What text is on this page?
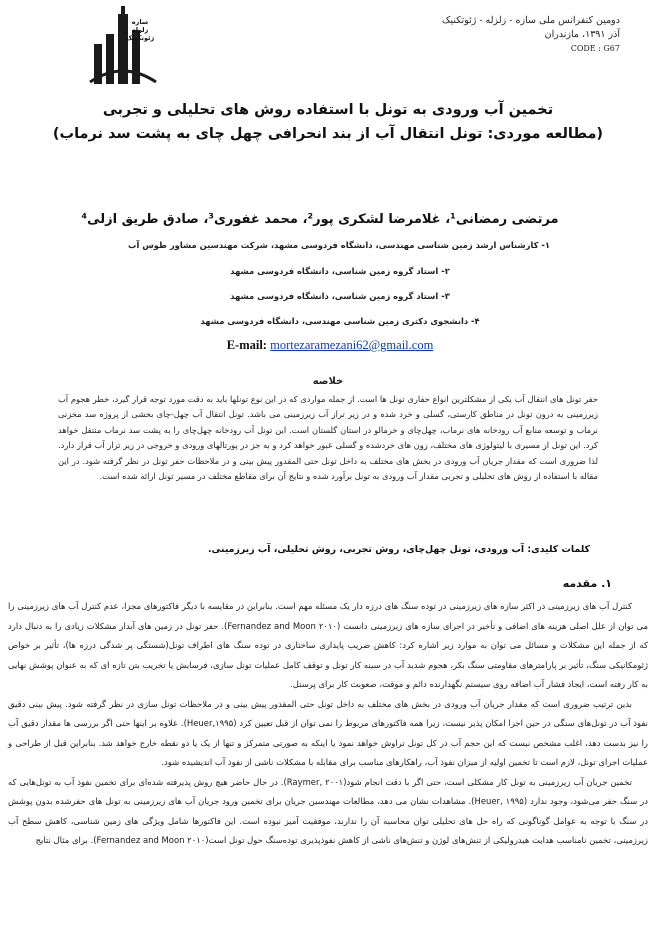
سازه
زلزله
ژئوتکنیک
دومین کنفرانس ملی سازه - زلزله - ژئوتکنیک
آذر ۱۳۹۱، مازندران
CODE : G67
تخمین آب ورودی به تونل با استفاده روش های تحلیلی و تجربی
(مطالعه موردی: تونل انتقال آب از بند انحرافی چهل چای به پشت سد نرماب)
مرتضی رمضانی¹، غلامرضا لشکری پور²، محمد غفوری³، صادق طریق ازلی⁴
۱- کارشناس ارشد زمین شناسی مهندسی، دانشگاه فردوسی مشهد، شرکت مهندسین مشاور طوس آب
۲- استاد گروه زمین شناسی، دانشگاه فردوسی مشهد
۳- استاد گروه زمین شناسی، دانشگاه فردوسی مشهد
۴- دانشجوی دکتری زمین شناسی مهندسی، دانشگاه فردوسی مشهد
E-mail: mortezaramezani62@gmail.com
خلاصه
حفر تونل های انتقال آب یکی از مشکلترین انواع حفاری تونل ها است. از جمله مواردی که در این نوع تونلها باید به دقت مورد توجه قرار گیرد، خطر هجوم آب زیرزمینی به درون تونل در مناطق کارستی، گسلی و خرد شده و در زیر تراز آب زیرزمینی می باشد. تونل انتقال آب چهل-چای بخشی از پروژه سد مخزنی نرماب و توسعه منابع آب رودخانه های نرماب، چهل‌چای و خرمالو در استان گلستان است. این تونل آب رودخانه چهل‌چای را به پشت سد نرماب منتقل خواهد کرد. این تونل از مسیری با لیتولوژی های مختلف، زون های خردشده و گسلی عبور خواهد کرد و به جز در پورتالهای ورودی و خروجی در زیر تراز آب قرار دارد. لذا ضروری است که مقدار جریان آب ورودی در بخش های مختلف به داخل تونل حتی المقدور پیش بینی و در ملاحظات حفر تونل در نظر گرفته شود. در این مقاله با استفاده از روش های تحلیلی و تجربی مقدار آب ورودی به تونل برآورد شده و نتایج آن برای مقاطع مختلف در مسیر تونل ارائه شده است.
کلمات کلیدی: آب ورودی، تونل چهل‌چای، روش تجربی، روش تحلیلی، آب زیرزمینی.
۱. مقدمه

کنترل آب های زیرزمینی در اکثر سازه های زیرزمینی در توده سنگ های درزه دار یک مسئله مهم است. بنابراین در مقایسه با دیگر فاکتورهای مجزا، عدم کنترل آب های زیرزمینی را می توان از علل اصلی هزینه های اضافی و تأخیر در اجرای سازه های زیرزمینی دانست (Fernandez and Moon ۲۰۱۰). حفر تونل در زمین های آبدار مشکلات زیادی را به دنبال دارد که از جمله این مشکلات و مسائل می توان به موارد زیر اشاره کرد: کاهش ضریب پایداری ساختاری در توده سنگ های اطراف تونل(شستگی پر شدگی درزه ها)، تأثیر بر خواص ژئومکانیکی سنگ، تأثیر بر پارامترهای مقاومتی سنگ بکر، هجوم شدید آب در سینه کار تونل و توقف کامل عملیات تونل سازی، فرسایش یا تخریب بتن تازه ای که به عنوان پوشش نهایی به کار رفته است، ایجاد فشار آب اضافه روی سیستم نگهدارنده دائم و موقت، صعوبت کار برای پرسنل.

بدین ترتیب ضروری است که مقدار جریان آب ورودی در بخش های مختلف به داخل تونل حتی المقدور پیش بینی و در ملاحظات تونل سازی در نظر گرفته شود. پیش بینی دقیق نفوذ آب در تونل‌های سنگی در حین اجرا امکان پذیر نیست، زیرا همه فاکتورهای مربوط را نمی توان از قبل تعیین کرد (Heuer,۱۹۹۵). علاوه بر اینها حتی اگر بررسی ها مقدار دقیق آب را نیز بدست دهد، اغلب مشخص نیست که این حجم آب در کل تونل تراوش خواهد نمود یا اینکه به صورتی متمرکز و تنها از یک یا دو نقطه خارج خواهد شد. بنابراین قبل از طراحی و عملیات اجرای تونل، لازم است تا تخمین اولیه از میزان نفوذ آب، راهکارهای مناسب برای مقابله با مشکلات ناشی از نفوذ آب اندیشیده شود.

تخمین جریان آب زیرزمینی به تونل کار مشکلی است، حتی اگر با دقت انجام شود(Raymer, ۲۰۰۱). در حال حاضر هیچ روش پذیرفته شده‌ای برای تخمین نفوذ آب به تونل‌هایی که در سنگ حفر می‌شود، وجود ندارد (Heuer, ۱۹۹۵). مشاهدات نشان می دهد، مطالعات مهندسین جریان برای تخمین ورود جریان آب های زیرزمینی به تونل های حفرشده بدون پوشش در سنگ با توجه به عوامل گوناگونی که راه حل های تحلیلی توان محاسبه آن را ندارند، موفقیت آمیز نبوده است. این فاکتورها شامل ویژگی های زمین شناسی، کاهش سطح آب زیرزمینی، تخمین نامناسب هدایت هیدرولیکی از تنش‌های لوژن و تنش‌های ناشی از کاهش نفوذپذیری تودەسنگ حول تونل است(Fernandez and Moon ۲۰۱۰). برای مثال نتایج
